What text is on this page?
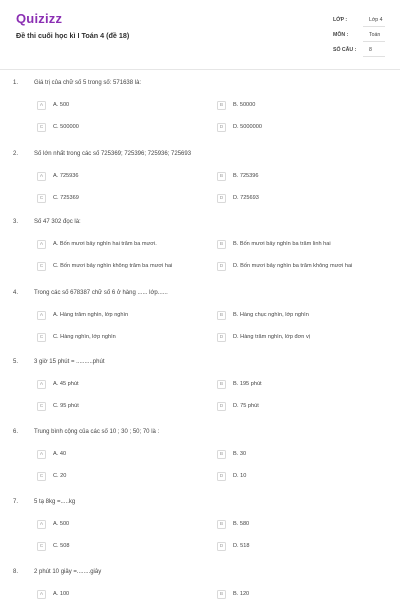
Quizizz
Đề thi cuối học kì I Toán 4 (đề 18)
LỚP :	Lớp 4
MÔN :	Toán
SỐ CÂU : 8
1.	Giá trị của chữ số 5 trong số: 571638 là:
A	A. 500	B	B. 50000
C	C. 500000	D	D. 5000000
2.	Số lớn nhất trong các số 725369; 725396; 725936; 725693
A	A. 725936	B	B. 725396
C	C. 725369	D	D. 725693
3.	Số 47 302 đọc là:
A	A. Bốn mươi bảy nghìn hai trăm ba mươi.	B	B. Bốn mươi bảy nghìn ba trăm linh hai
C	C. Bốn mươi bảy nghìn không trăm ba mươi hai	D	D. Bốn mươi bảy nghìn ba trăm không mươi hai
4.	Trong các số 678387 chữ số 6 ở hàng ...... lớp......
A	A. Hàng trăm nghìn, lớp nghìn	B	B. Hàng chục nghìn, lớp nghìn
C	C. Hàng nghìn, lớp nghìn	D	D. Hàng trăm nghìn, lớp đơn vị
5.	3 giờ 15 phút = ..........phút
A	A. 45 phút	B	B. 195 phút
C	C. 95 phút	D	D. 75 phút
6.	Trung bình cộng của các số 10 ; 30 ; 50; 70 là :
A	A. 40	B	B. 30
C	C. 20	D	D. 10
7.	5 tạ 8kg =.....kg
A	A. 500	B	B. 580
C	C. 508	D	D. 518
8.	2 phút 10 giây =........giây
A	A. 100	B	B. 120
